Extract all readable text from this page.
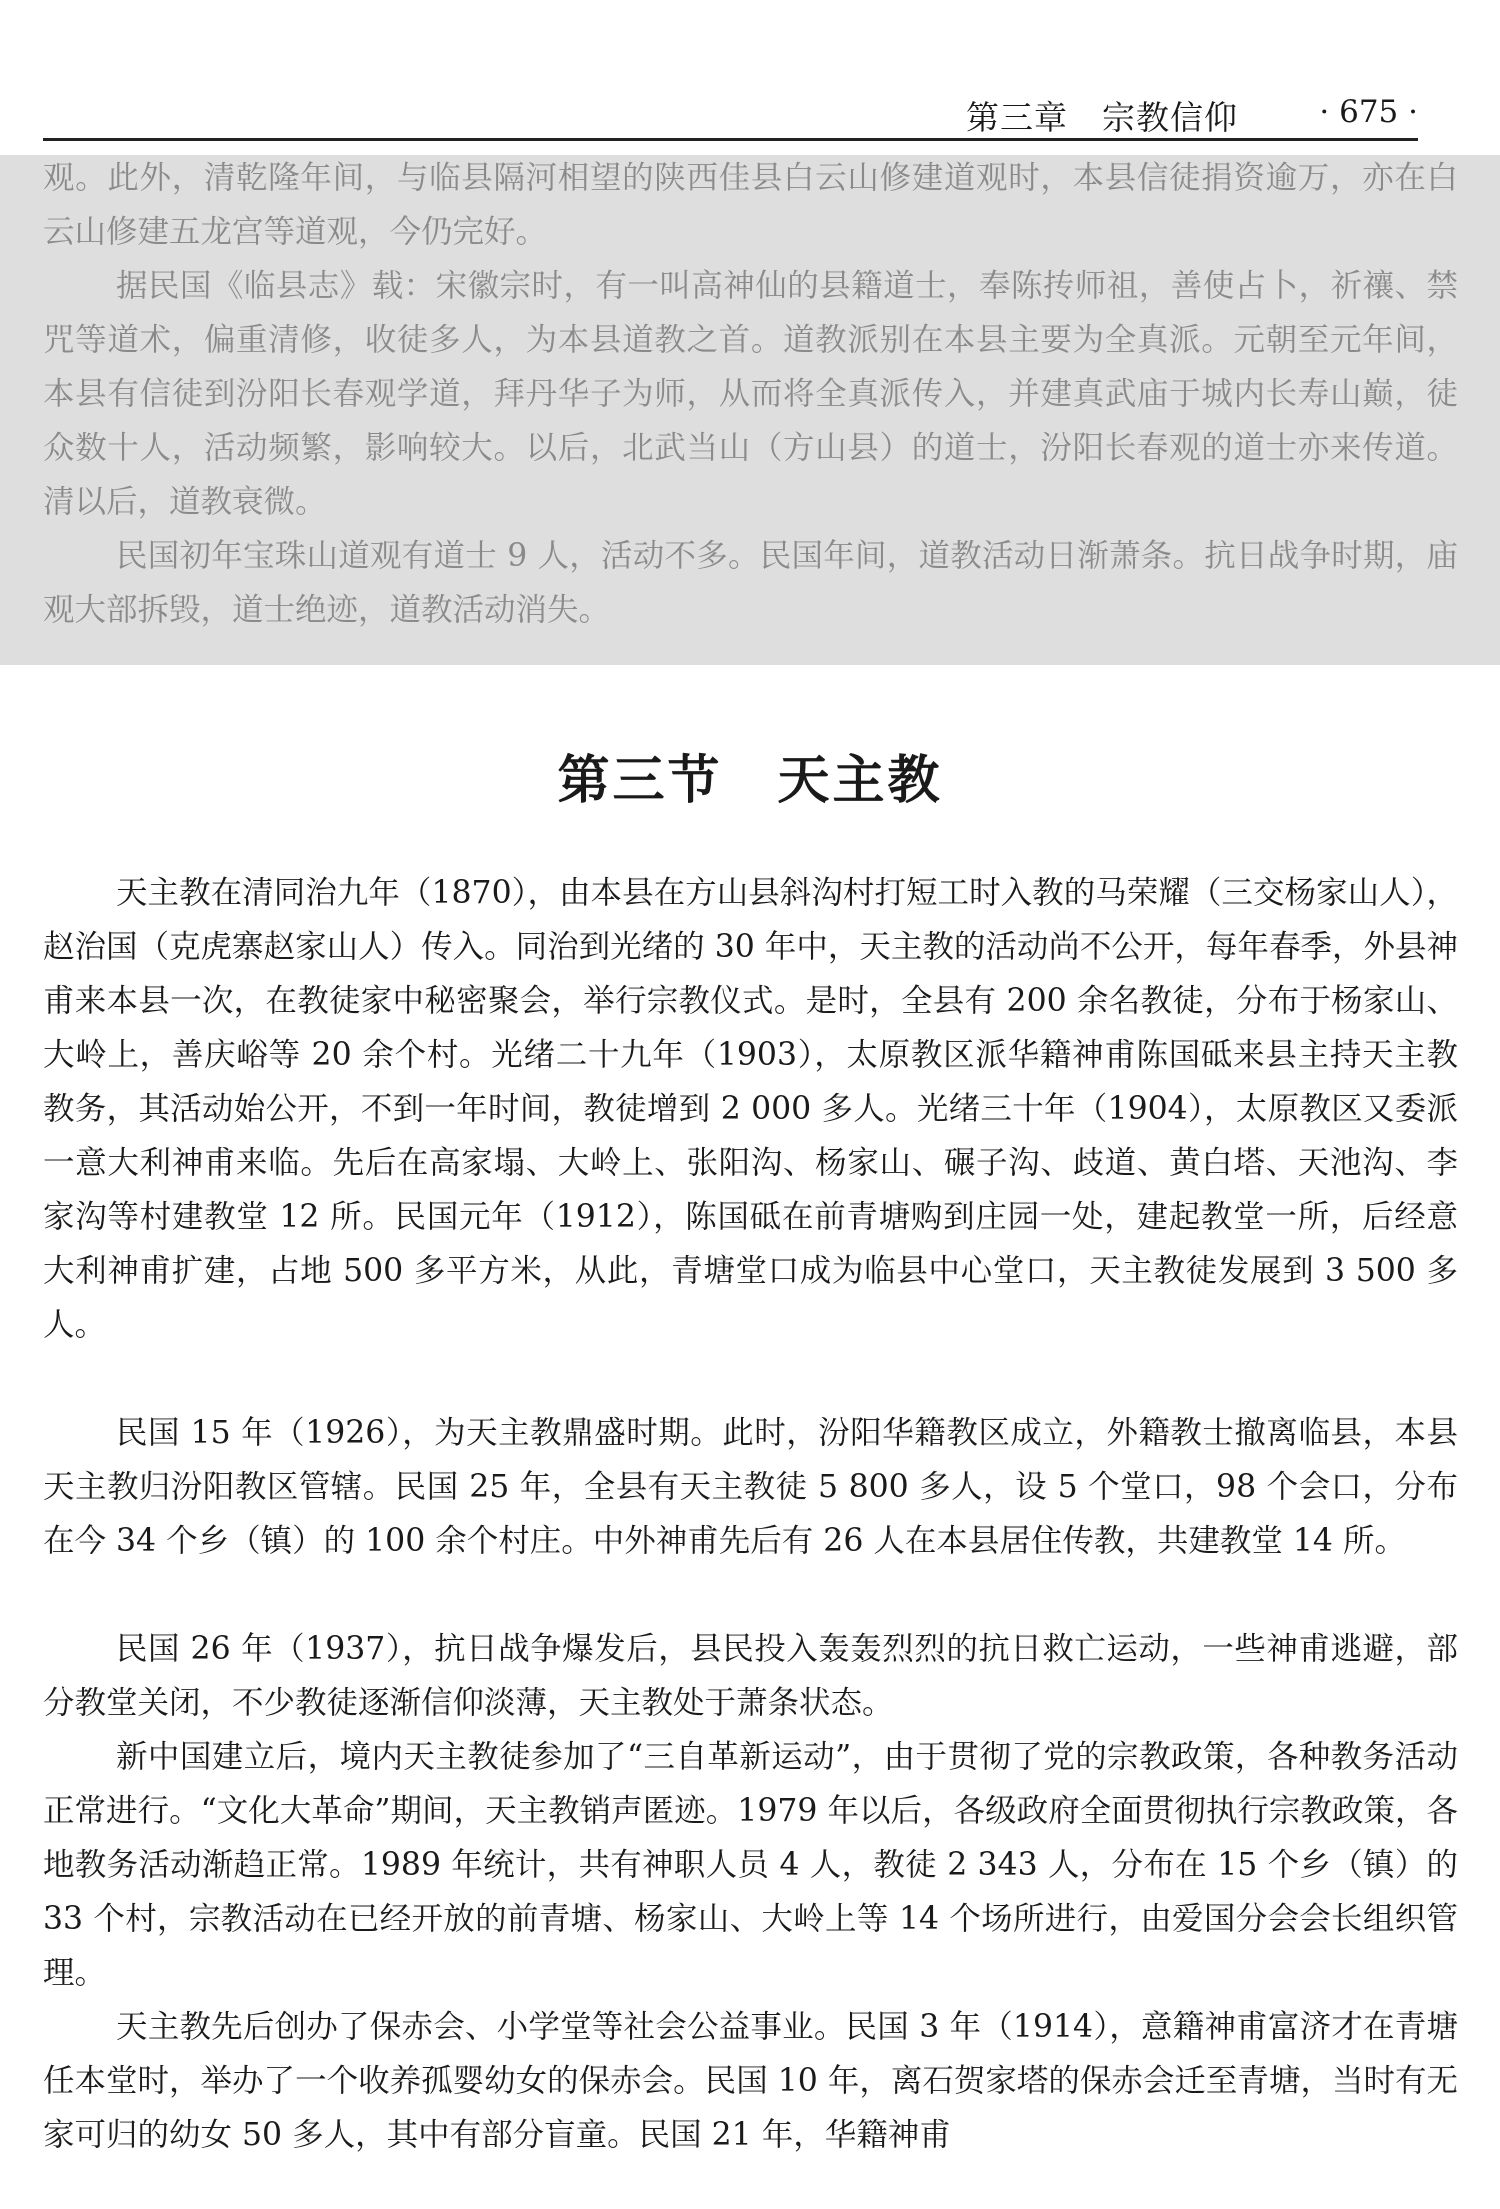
第三章　宗教信仰	· 675 ·

观。此外，清乾隆年间，与临县隔河相望的陕西佳县白云山修建道观时，本县信徒捐资逾万，亦在白云山修建五龙宫等道观，今仍完好。

据民国《临县志》载：宋徽宗时，有一叫高神仙的县籍道士，奉陈抟师祖，善使占卜，祈禳、禁咒等道术，偏重清修，收徒多人，为本县道教之首。道教派别在本县主要为全真派。元朝至元年间，本县有信徒到汾阳长春观学道，拜丹华子为师，从而将全真派传入，并建真武庙于城内长寿山巅，徒众数十人，活动频繁，影响较大。以后，北武当山（方山县）的道士，汾阳长春观的道士亦来传道。清以后，道教衰微。

民国初年宝珠山道观有道士 9 人，活动不多。民国年间，道教活动日渐萧条。抗日战争时期，庙观大部拆毁，道士绝迹，道教活动消失。

第三节　天主教

天主教在清同治九年（1870），由本县在方山县斜沟村打短工时入教的马荣耀（三交杨家山人），赵治国（克虎寨赵家山人）传入。同治到光绪的 30 年中，天主教的活动尚不公开，每年春季，外县神甫来本县一次，在教徒家中秘密聚会，举行宗教仪式。是时，全县有 200 余名教徒，分布于杨家山、大岭上，善庆峪等 20 余个村。光绪二十九年（1903），太原教区派华籍神甫陈国砥来县主持天主教教务，其活动始公开，不到一年时间，教徒增到 2 000 多人。光绪三十年（1904），太原教区又委派一意大利神甫来临。先后在高家塌、大岭上、张阳沟、杨家山、碾子沟、歧道、黄白塔、天池沟、李家沟等村建教堂 12 所。民国元年（1912），陈国砥在前青塘购到庄园一处，建起教堂一所，后经意大利神甫扩建，占地 500 多平方米，从此，青塘堂口成为临县中心堂口，天主教徒发展到 3 500 多人。

民国 15 年（1926），为天主教鼎盛时期。此时，汾阳华籍教区成立，外籍教士撤离临县，本县天主教归汾阳教区管辖。民国 25 年，全县有天主教徒 5 800 多人，设 5 个堂口，98 个会口，分布在今 34 个乡（镇）的 100 余个村庄。中外神甫先后有 26 人在本县居住传教，共建教堂 14 所。

民国 26 年（1937），抗日战争爆发后，县民投入轰轰烈烈的抗日救亡运动，一些神甫逃避，部分教堂关闭，不少教徒逐渐信仰淡薄，天主教处于萧条状态。

新中国建立后，境内天主教徒参加了“三自革新运动”，由于贯彻了党的宗教政策，各种教务活动正常进行。“文化大革命”期间，天主教销声匿迹。1979 年以后，各级政府全面贯彻执行宗教政策，各地教务活动渐趋正常。1989 年统计，共有神职人员 4 人，教徒 2 343 人，分布在 15 个乡（镇）的 33 个村，宗教活动在已经开放的前青塘、杨家山、大岭上等 14 个场所进行，由爱国分会会长组织管理。

天主教先后创办了保赤会、小学堂等社会公益事业。民国 3 年（1914），意籍神甫富济才在青塘任本堂时，举办了一个收养孤婴幼女的保赤会。民国 10 年，离石贺家塔的保赤会迁至青塘，当时有无家可归的幼女 50 多人，其中有部分盲童。民国 21 年，华籍神甫
